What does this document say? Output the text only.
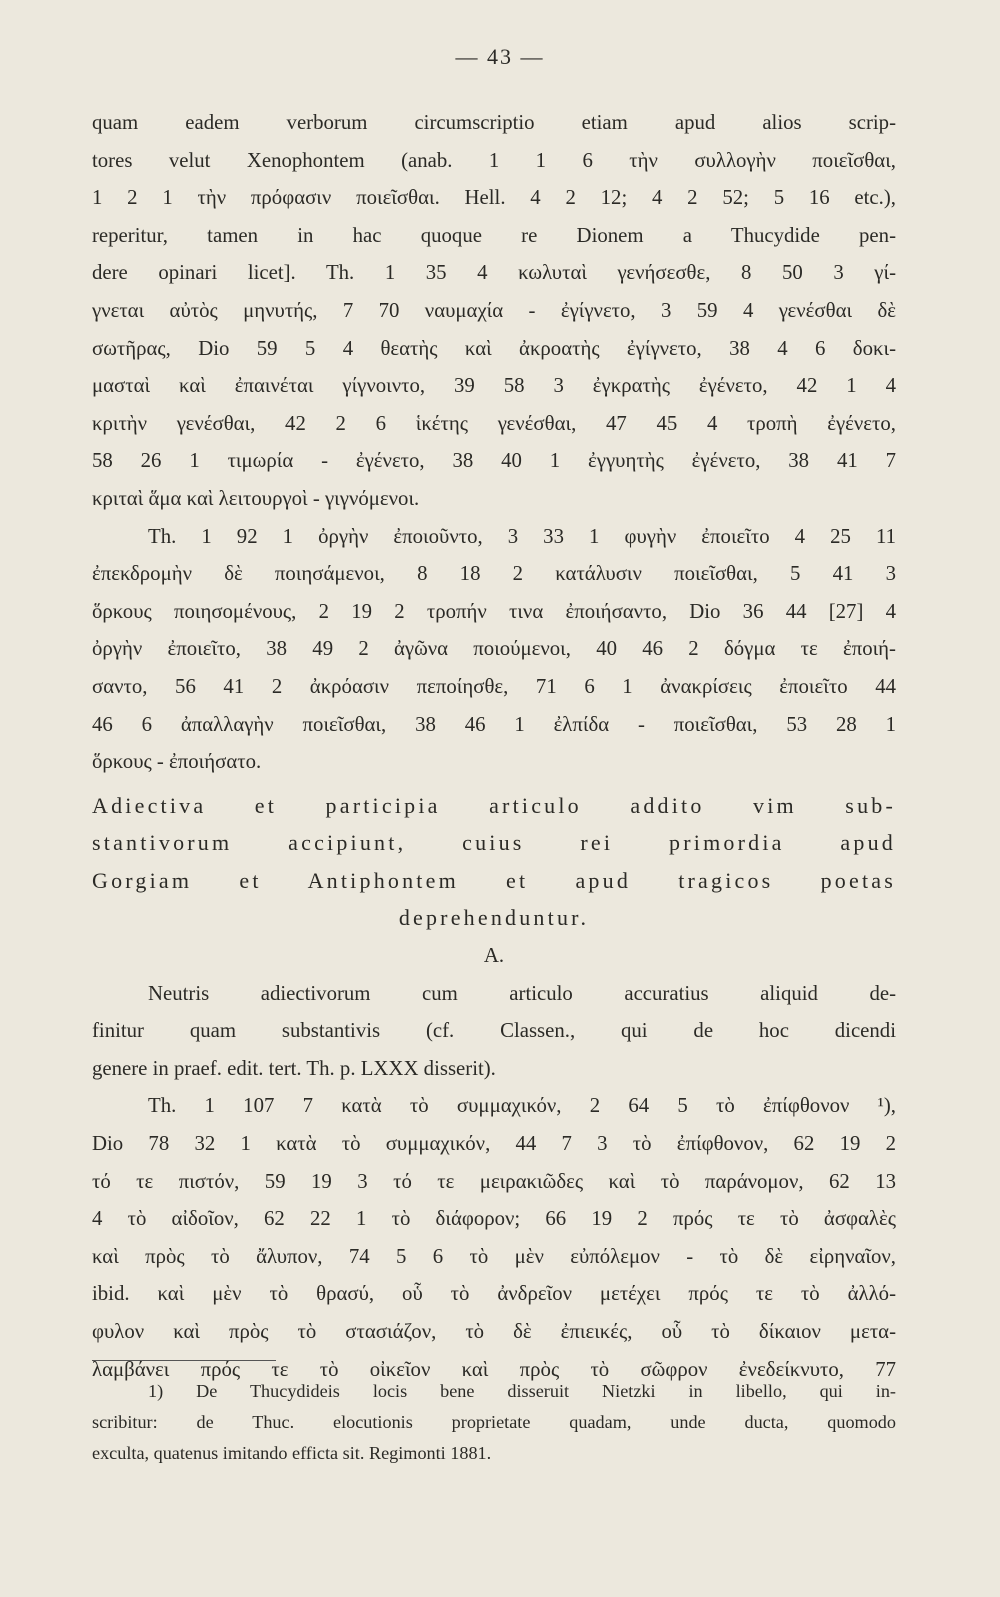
— 43 —
quam eadem verborum circumscriptio etiam apud alios scrip-
tores velut Xenophontem (anab. 1 1 6 τὴν συλλογὴν ποιεῖσθαι,
1 2 1 τὴν πρόφασιν ποιεῖσθαι. Hell. 4 2 12; 4 2 52; 5 16 etc.),
reperitur, tamen in hac quoque re Dionem a Thucydide pen-
dere opinari licet]. Th. 1 35 4 κωλυταὶ γενήσεσθε, 8 50 3 γί-
γνεται αὐτὸς μηνυτής, 7 70 ναυμαχία - ἐγίγνετο, 3 59 4 γενέσθαι δὲ
σωτῆρας, Dio 59 5 4 θεατὴς καὶ ἀκροατὴς ἐγίγνετο, 38 4 6 δοκι-
μασταὶ καὶ ἐπαινέται γίγνοιντο, 39 58 3 ἐγκρατὴς ἐγένετο, 42 1 4
κριτὴν γενέσθαι, 42 2 6 ἱκέτης γενέσθαι, 47 45 4 τροπὴ ἐγένετο,
58 26 1 τιμωρία - ἐγένετο, 38 40 1 ἐγγυητὴς ἐγένετο, 38 41 7
κριταὶ ἅμα καὶ λειτουργοὶ - γιγνόμενοι.
Th. 1 92 1 ὀργὴν ἐποιοῦντο, 3 33 1 φυγὴν ἐποιεῖτο 4 25 11
ἐπεκδρομὴν δὲ ποιησάμενοι, 8 18 2 κατάλυσιν ποιεῖσθαι, 5 41 3
ὅρκους ποιησομένους, 2 19 2 τροπήν τινα ἐποιήσαντο, Dio 36 44 [27] 4
ὀργὴν ἐποιεῖτο, 38 49 2 ἀγῶνα ποιούμενοι, 40 46 2 δόγμα τε ἐποιή-
σαντο, 56 41 2 ἀκρόασιν πεποίησθε, 71 6 1 ἀνακρίσεις ἐποιεῖτο 44
46 6 ἀπαλλαγὴν ποιεῖσθαι, 38 46 1 ἐλπίδα - ποιεῖσθαι, 53 28 1
ὅρκους - ἐποιήσατο.
Adiectiva et participia articulo addito vim sub-
stantivorum accipiunt, cuius rei primordia apud
Gorgiam et Antiphontem et apud tragicos poetas
deprehenduntur.
A.
Neutris adiectivorum cum articulo accuratius aliquid de-
finitur quam substantivis (cf. Classen., qui de hoc dicendi
genere in praef. edit. tert. Th. p. LXXX disserit).
Th. 1 107 7 κατὰ τὸ συμμαχικόν, 2 64 5 τὸ ἐπίφθονον ¹),
Dio 78 32 1 κατὰ τὸ συμμαχικόν, 44 7 3 τὸ ἐπίφθονον, 62 19 2
τό τε πιστόν, 59 19 3 τό τε μειρακιῶδες καὶ τὸ παράνομον, 62 13
4 τὸ αἰδοῖον, 62 22 1 τὸ διάφορον; 66 19 2 πρός τε τὸ ἀσφαλὲς
καὶ πρὸς τὸ ἄλυπον, 74 5 6 τὸ μὲν εὐπόλεμον - τὸ δὲ εἰρηναῖον,
ibid. καὶ μὲν τὸ θρασύ, οὗ τὸ ἀνδρεῖον μετέχει πρός τε τὸ ἀλλό-
φυλον καὶ πρὸς τὸ στασιάζον, τὸ δὲ ἐπιεικές, οὗ τὸ δίκαιον μετα-
λαμβάνει πρός τε τὸ οἰκεῖον καὶ πρὸς τὸ σῶφρον ἐνεδείκνυτο, 77
1) De Thucydideis locis bene disseruit Nietzki in libello, qui in-
scribitur: de Thuc. elocutionis proprietate quadam, unde ducta, quomodo
exculta, quatenus imitando efficta sit. Regimonti 1881.
